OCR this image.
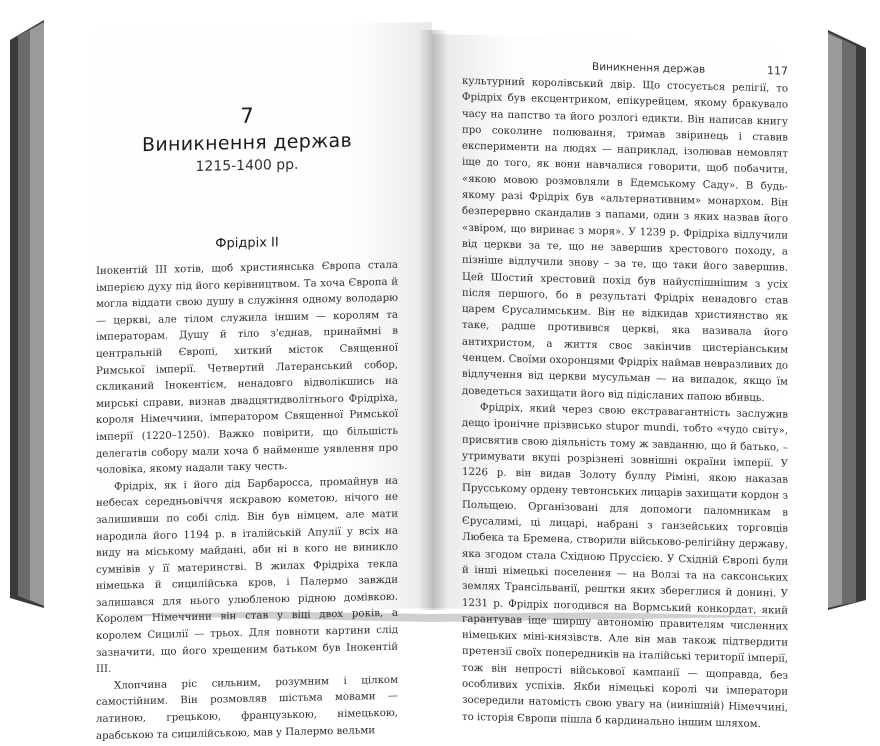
7

Виникнення держав

1215-1400 рр.

Фрідріх II

Інокентій III хотів, щоб християнська Європа стала імперією духу під його керівництвом. Та хоча Європа й могла віддати свою душу в служіння одному володарю — церкві, але тілом служила іншим — королям та імператорам. Душу й тіло з'єднав, принаймні в центральній Європі, хиткий місток Священної Римської імперії. Четвертий Латеранський собор, скликаний Інокентієм, ненадовго відволікшись на мирські справи, визнав двадцятидволітнього Фрідріха, короля Німеччини, імператором Священної Римської імперії (1220–1250). Важко повірити, що більшість делегатів собору мали хоча б найменше уявлення про чоловіка, якому надали таку честь.

Фрідріх, як і його дід Барбаросса, промайнув на небесах середньовіччя яскравою кометою, нічого не залишивши по собі слід. Він був німцем, але мати народила його 1194 р. в італійській Апулії у всіх на виду на міському майдані, аби ні в кого не виникло сумнівів у її материнстві. В жилах Фрідріха текла німецька й сицилійська кров, і Палермо завжди залишався для нього улюбленою рідною домівкою. Королем Німеччини він став у віці двох років, а королем Сицилії — трьох. Для повноти картини слід зазначити, що його хрещеним батьком був Інокентій III.

Хлопчина ріс сильним, розумним і цілком самостійним. Він розмовляв шістьма мовами — латиною, грецькою, французькою, німецькою, арабською та сицилійською, мав у Палермо вельми

Виникнення держав	117

культурний королівський двір. Що стосується релігії, то Фрідріх був ексцентриком, епікурейцем, якому бракувало часу на папство та його розлогі едикти. Він написав книгу про соколине полювання, тримав звіринець і ставив експерименти на людях — наприклад, ізолював немовлят іще до того, як вони навчалися говорити, щоб побачити, «якою мовою розмовляли в Едемському Саду». В будь-якому разі Фрідріх був «альтернативним» монархом. Він безперервно скандалив з папами, один з яких назвав його «звіром, що виринає з моря». У 1239 р. Фрідріха відлучили від церкви за те, що не завершив хрестового походу, а пізніше відлучили знову – за те, що таки його завершив. Цей Шостий хрестовий похід був найуспішнішим з усіх після першого, бо в результаті Фрідріх ненадовго став царем Єрусалимським. Він не відкидав християнство як таке, радше противився церкві, яка називала його антихристом, а життя своє закінчив цистеріанським ченцем. Своїми охоронцями Фрідріх наймав невразливих до відлучення від церкви мусульман — на випадок, якщо їм доведеться захищати його від підісланих папою вбивць.

Фрідріх, який через свою екстравагантність заслужив дещо іронічне прізвисько stupor mundi, тобто «чудо світу», присвятив свою діяльність тому ж завданню, що й батько, – утримувати вкупі розрізнені зовнішні окраїни імперії. У 1226 р. він видав Золоту буллу Ріміні, якою наказав Прусському ордену тевтонських лицарів захищати кордон з Польщею. Організовані для допомоги паломникам в Єрусалимі, ці лицарі, набрані з ганзейських торговців Любека та Бремена, створили військово-релігійну державу, яка згодом стала Східною Пруссією. У Східній Європі були й інші німецькі поселення — на Волзі та на саксонських землях Трансільванії, рештки яких збереглися й донині. У 1231 р. Фрідріх погодився на Вормський конкордат, який гарантував іще ширшу автономію правителям численних німецьких міні-князівств. Але він мав також підтвердити претензії своїх попередників на італійські території імперії, тож він непрості військової кампанії — щоправда, без особливих успіхів. Якби німецькі королі чи імператори зосередили натомість свою увагу на (нинішній) Німеччині, то історія Європи пішла б кардинально іншим шляхом.
